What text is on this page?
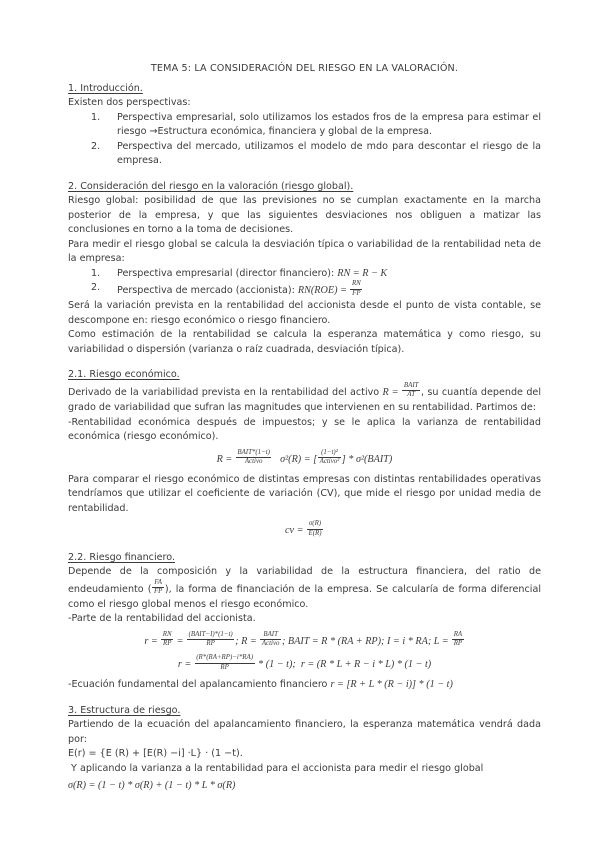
TEMA 5: LA CONSIDERACIÓN DEL RIESGO EN LA VALORACIÓN.
1. Introducción.
Existen dos perspectivas:
1. Perspectiva empresarial, solo utilizamos los estados fros de la empresa para estimar el riesgo →Estructura económica, financiera y global de la empresa.
2. Perspectiva del mercado, utilizamos el modelo de mdo para descontar el riesgo de la empresa.
2. Consideración del riesgo en la valoración (riesgo global).
Riesgo global: posibilidad de que las previsiones no se cumplan exactamente en la marcha posterior de la empresa, y que las siguientes desviaciones nos obliguen a matizar las conclusiones en torno a la toma de decisiones.
Para medir el riesgo global se calcula la desviación típica o variabilidad de la rentabilidad neta de la empresa:
1. Perspectiva empresarial (director financiero): RN = R − K
2. Perspectiva de mercado (accionista): $RN(ROE) = \frac{RN}{FP}$
Será la variación prevista en la rentabilidad del accionista desde el punto de vista contable, se descompone en: riesgo económico o riesgo financiero.
Como estimación de la rentabilidad se calcula la esperanza matemática y como riesgo, su variabilidad o dispersión (varianza o raíz cuadrada, desviación típica).
2.1. Riesgo económico.
Derivado de la variabilidad prevista en la rentabilidad del activo $R = \frac{\text{BAIT}}{AT}$ , su cuantía depende del grado de variabilidad que sufran las magnitudes que intervienen en su rentabilidad. Partimos de:
-Rentabilidad económica después de impuestos; y se le aplica la varianza de rentabilidad económica (riesgo económico).
$R = \frac{\text{BAIT*(1−t)}}{\text{Activo}} \sigma^2(R)$ = [ $\frac{\text{(1−t)²}}{\text{Activo²}}$ ] * σ²(BAIT)
Para comparar el riesgo económico de distintas empresas con distintas rentabilidades operativas tendríamos que utilizar el coeficiente de variación (CV), que mide el riesgo por unidad media de rentabilidad.
cv = $\frac{\sigma(R)}{E(R)}$
2.2. Riesgo financiero.
Depende de la composición y la variabilidad de la estructura financiera, del ratio de endeudamiento ( $\frac{FA}{FP}$ ), la forma de financiación de la empresa. Se calcularía de forma diferencial como el riesgo global menos el riesgo económico.
-Parte de la rentabilidad del accionista.
$r = \frac{RN}{RP} = \frac{\text{(BAIT−I)*(1−t)}}{RP}$ ; $R = \frac{\text{BAIT}}{\text{Activo}}$ ; BAIT = R * (RA + RP); I = i * RA; $L = \frac{RA}{RP}$
$r = \frac{(R*(RA+RP)-i*RA)}{RP} * (1 - t)$;  r = (R * L + R − i * L) * (1 − t)
-Ecuación fundamental del apalancamiento financiero r = [R + L * (R − i)] * (1 − t)
3. Estructura de riesgo.
Partiendo de la ecuación del apalancamiento financiero, la esperanza matemática vendrá dada por:
E(r) = {E (R) + [E(R) −i] ·L} · (1 −t).
Y aplicando la varianza a la rentabilidad para el accionista para medir el riesgo global
σ(R) = (1 − t) * σ(R) + (1 − t) * L * σ(R)
